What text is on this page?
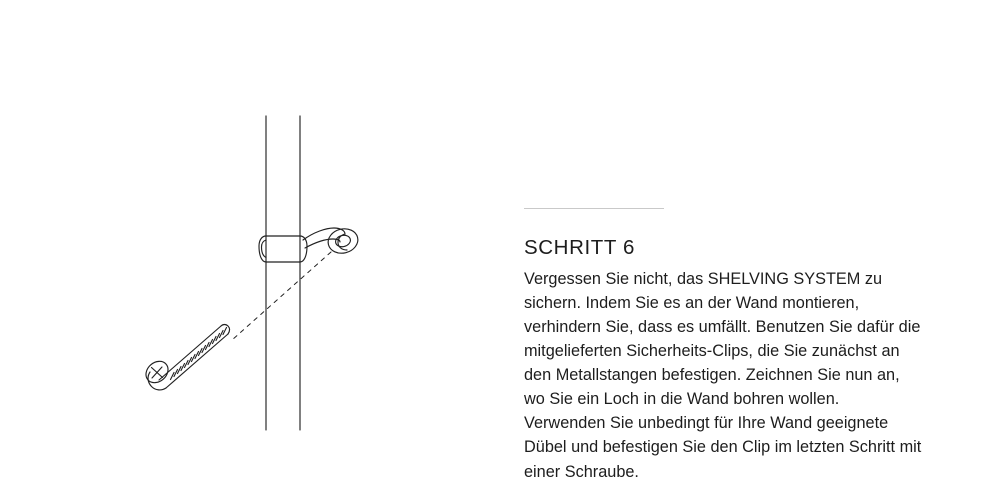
SCHRITT 6

Vergessen Sie nicht, das SHELVING SYSTEM zu sichern. Indem Sie es an der Wand montieren, verhindern Sie, dass es umfällt. Benutzen Sie dafür die mitgelieferten Sicherheits-Clips, die Sie zunächst an den Metallstangen befestigen. Zeichnen Sie nun an, wo Sie ein Loch in die Wand bohren wollen. Verwenden Sie unbedingt für Ihre Wand geeignete Dübel und befestigen Sie den Clip im letzten Schritt mit einer Schraube.
